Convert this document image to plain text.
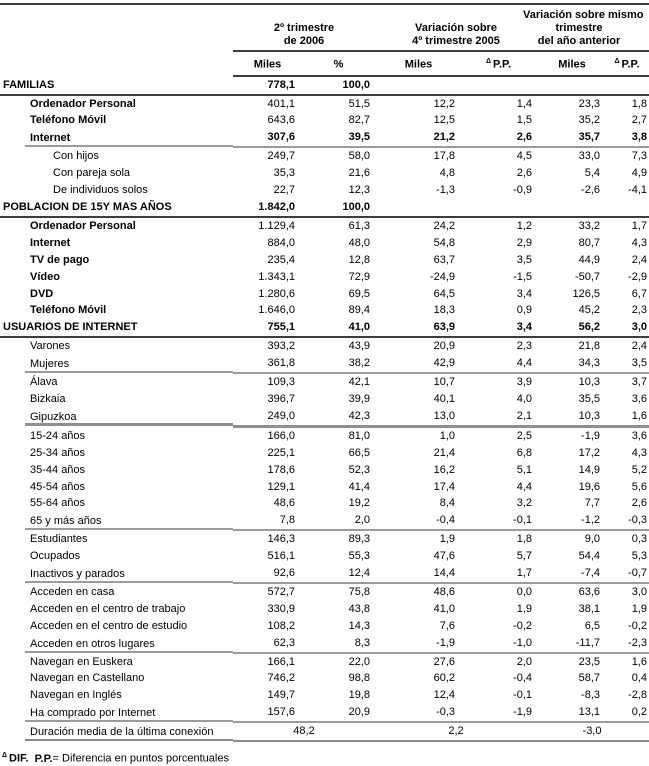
2º trimestre
de 2006

Variación sobre
4º trimestre 2005

Variación sobre mismo
trimestre
del año anterior

	Miles	%	Miles	$^\Delta$ P.P.	Miles	$^\Delta$ P.P.
FAMILIAS	778,1	100,0				
Ordenador Personal	401,1	51,5	12,2	1,4	23,3	1,8
Teléfono Móvil	643,6	82,7	12,5	1,5	35,2	2,7
Internet	307,6	39,5	21,2	2,6	35,7	3,8
Con hijos	249,7	58,0	17,8	4,5	33,0	7,3
Con pareja sola	35,3	21,6	4,8	2,6	5,4	4,9
De individuos solos	22,7	12,3	-1,3	-0,9	-2,6	-4,1
POBLACION DE 15Y MAS AÑOS	1.842,0	100,0				
Ordenador Personal	1.129,4	61,3	24,2	1,2	33,2	1,7
Internet	884,0	48,0	54,8	2,9	80,7	4,3
TV de pago	235,4	12,8	63,7	3,5	44,9	2,4
Vídeo	1.343,1	72,9	-24,9	-1,5	-50,7	-2,9
DVD	1.280,6	69,5	64,5	3,4	126,5	6,7
Teléfono Móvil	1.646,0	89,4	18,3	0,9	45,2	2,3
USUARIOS DE INTERNET	755,1	41,0	63,9	3,4	56,2	3,0
Varones	393,2	43,9	20,9	2,3	21,8	2,4
Mujeres	361,8	38,2	42,9	4,4	34,3	3,5
Álava	109,3	42,1	10,7	3,9	10,3	3,7
Bizkaia	396,7	39,9	40,1	4,0	35,5	3,6
Gipuzkoa	249,0	42,3	13,0	2,1	10,3	1,6
15-24 años	166,0	81,0	1,0	2,5	-1,9	3,6
25-34 años	225,1	66,5	21,4	6,8	17,2	4,3
35-44 años	178,6	52,3	16,2	5,1	14,9	5,2
45-54 años	129,1	41,4	17,4	4,4	19,6	5,6
55-64 años	48,6	19,2	8,4	3,2	7,7	2,6
65 y más años	7,8	2,0	-0,4	-0,1	-1,2	-0,3
Estudiantes	146,3	89,3	1,9	1,8	9,0	0,3
Ocupados	516,1	55,3	47,6	5,7	54,4	5,3
Inactivos y parados	92,6	12,4	14,4	1,7	-7,4	-0,7
Acceden en casa	572,7	75,8	48,6	0,0	63,6	3,0
Acceden en el centro de trabajo	330,9	43,8	41,0	1,9	38,1	1,9
Acceden en el centro de estudio	108,2	14,3	7,6	-0,2	6,5	-0,2
Acceden en otros lugares	62,3	8,3	-1,9	-1,0	-11,7	-2,3
Navegan en Euskera	166,1	22,0	27,6	2,0	23,5	1,6
Navegan en Castellano	746,2	98,8	60,2	-0,4	58,7	0,4
Navegan en Inglés	149,7	19,8	12,4	-0,1	-8,3	-2,8
Ha comprado por Internet	157,6	20,9	-0,3	-1,9	13,1	0,2
Duración media de la última conexión	48,2		2,2		-3,0	
$^\Delta$ DIF. P.P.= Diferencia en puntos porcentuales
